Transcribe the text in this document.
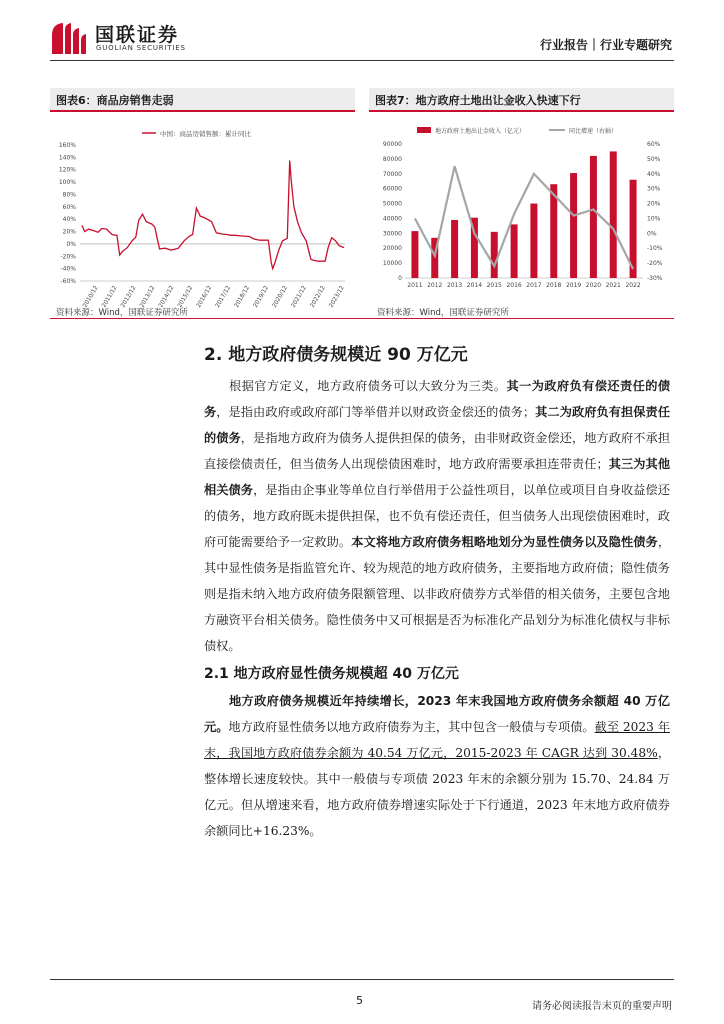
国联证券
GUOLIAN SECURITIES	行业报告｜行业专题研究
图表6：商品房销售走弱	图表7：地方政府土地出让金收入快速下行
中国：商品房销售额：累计同比
160%
140%
120%
100%
80%
60%
40%
20%
0%
-20%
-40%
-60%
2010/12 2011/12 2012/12 2013/12 2014/12 2015/12 2016/12 2017/12 2018/12 2019/12 2020/12 2021/12 2022/12 2023/12
地方政府土地出让金收入（亿元）	同比增速（右轴）
90000
80000
70000
60000
50000
40000
30000
20000
10000
0
60%
50%
40%
30%
20%
10%
0%
-10%
-20%
-30%
2011 2012 2013 2014 2015 2016 2017 2018 2019 2020 2021 2022
资料来源：Wind，国联证券研究所	资料来源：Wind，国联证券研究所
2. 地方政府债务规模近 90 万亿元
根据官方定义，地方政府债务可以大致分为三类。其一为政府负有偿还责任的债务，是指由政府或政府部门等举借并以财政资金偿还的债务；其二为政府负有担保责任的债务，是指地方政府为债务人提供担保的债务，由非财政资金偿还，地方政府不承担直接偿债责任，但当债务人出现偿债困难时，地方政府需要承担连带责任；其三为其他相关债务，是指由企事业等单位自行举借用于公益性项目，以单位或项目自身收益偿还的债务，地方政府既未提供担保，也不负有偿还责任，但当债务人出现偿债困难时，政府可能需要给予一定救助。本文将地方政府债务粗略地划分为显性债务以及隐性债务，其中显性债务是指监管允许、较为规范的地方政府债务，主要指地方政府债；隐性债务则是指未纳入地方政府债务限额管理、以非政府债券方式举借的相关债务，主要包含地方融资平台相关债务。隐性债务中又可根据是否为标准化产品划分为标准化债权与非标债权。
2.1 地方政府显性债务规模超 40 万亿元
地方政府债务规模近年持续增长，2023 年末我国地方政府债务余额超 40 万亿元。地方政府显性债务以地方政府债券为主，其中包含一般债与专项债。截至 2023 年末，我国地方政府债券余额为 40.54 万亿元，2015-2023 年 CAGR 达到 30.48%，整体增长速度较快。其中一般债与专项债 2023 年末的余额分别为 15.70、24.84 万亿元。但从增速来看，地方政府债券增速实际处于下行通道，2023 年末地方政府债券余额同比+16.23%。
5	请务必阅读报告末页的重要声明
